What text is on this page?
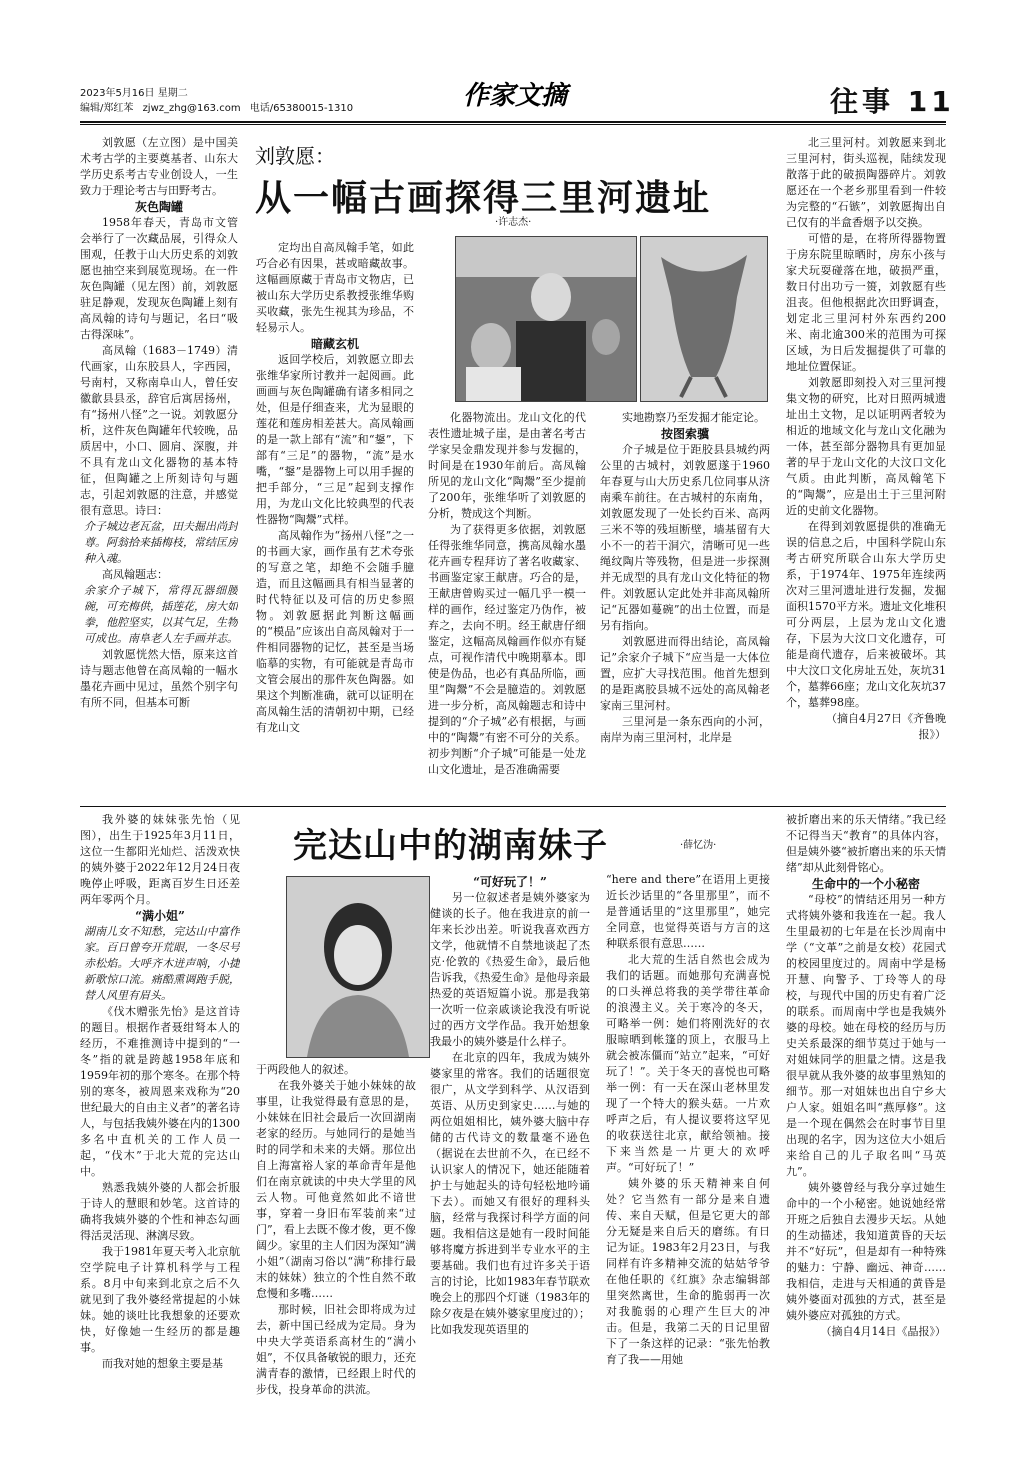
2023年5月16日 星期二
编辑/郑红苯 zjwz_zhg@163.com 电话/65380015-1310	作家文摘	往事 11
刘敦愿：
从一幅古画探得三里河遗址
·许志杰·

刘敦愿（左立图）是中国美术考古学的主要奠基者、山东大学历史系考古专业创设人，一生致力于理论考古与田野考古。

灰色陶罐

1958年春天，青岛市文管会举行了一次藏品展，引得众人围观，任教于山大历史系的刘敦愿也抽空来到展览现场。在一件灰色陶罐（见左图）前，刘敦愿驻足静观，发现灰色陶罐上刻有高凤翰的诗句与题记，名曰“吸古得深味”。

高凤翰（1683－1749）清代画家，山东胶县人，字西园，号南村，又称南阜山人，曾任安徽歙县县丞，辞官后寓居扬州，有“扬州八怪”之一说。刘敦愿分析，这件灰色陶罐年代较晚，品质居中，小口、圆肩、深腹，并不具有龙山文化器物的基本特征，但陶罐之上所刻诗句与题志，引起刘敦愿的注意，并感觉很有意思。诗曰：

介子城边老瓦盆，田夫掘出尚封尊。阿翁拾来插梅枝，常结匡房种入魂。

高凤翰题志：

余家介子城下，常得瓦器细腰碗，可充梅供，插莲花，房大如拳，他腔坚实，以其气足，生物可成也。南阜老人左手画并志。

刘敦愿恍然大悟，原来这首诗与题志他曾在高凤翰的一幅水墨花卉画中见过，虽然个别字句有所不同，但基本可断

定均出自高凤翰手笔，如此巧合必有因果，甚或暗藏故事。这幅画原藏于青岛市文物店，已被山东大学历史系教授张维华购买收藏，张先生视其为珍品，不轻易示人。

暗藏玄机

返回学校后，刘敦愿立即去张维华家所讨教并一起阅画。此画画与灰色陶罐确有诸多相同之处，但是仔细查来，尤为显眼的莲花和莲房相差甚大。高凤翰画的是一款上部有“流”和“鋬”，下部有“三足”的器物，“流”是水嘴，“鋬”是器物上可以用手握的把手部分，“三足”起到支撑作用，为龙山文化比较典型的代表性器物“陶鬶”式样。

高凤翰作为“扬州八怪”之一的书画大家，画作虽有艺术夸张的写意之笔，却绝不会随手臆造，而且这幅画具有相当显著的时代特征以及可信的历史参照物。刘敦愿据此判断这幅画的“模品”应该出自高凤翰对于一件相同器物的记忆，甚至是当场临摹的实物，有可能就是青岛市文管会展出的那件灰色陶器。如果这个判断准确，就可以证明在高凤翰生活的清朝初中期，已经有龙山文

化器物流出。龙山文化的代表性遗址城子崖，是由著名考古学家吴金鼎发现并参与发掘的，时间是在1930年前后。高凤翰所见的龙山文化“陶鬶”至少提前了200年，张维华听了刘敦愿的分析，赞成这个判断。

为了获得更多依据，刘敦愿任得张维华同意，携高凤翰水墨花卉画专程拜访了著名收藏家、书画鉴定家王献唐。巧合的是，王献唐曾购买过一幅几乎一模一样的画作，经过鉴定乃伪作，被弃之，去向不明。经王献唐仔细鉴定，这幅高凤翰画作似亦有疑点，可视作清代中晚期摹本。即使是伪品，也必有真品所临，画里“陶鬶”不会是臆造的。刘敦愿进一步分析，高凤翰题志和诗中提到的“介子城”必有根据，与画中的“陶鬶”有密不可分的关系。初步判断“介子城”可能是一处龙山文化遗址，是否准确需要

实地勘察乃至发掘才能定论。

按图索骥

介子城是位于距胶县县城约两公里的古城村，刘敦愿遂于1960年春夏与山大历史系几位同事从济南乘车前往。在古城村的东南角，刘敦愿发现了一处长约百米、高两三米不等的残垣断壁，墙基留有大小不一的若干洞穴，清晰可见一些绳纹陶片等残物，但是进一步探测并无成型的具有龙山文化特征的物件。刘敦愿认定此处并非高凤翰所记“瓦器如蔓碗”的出土位置，而是另有指向。

刘敦愿进而得出结论，高凤翰记”余家介子城下“应当是一大体位置，应扩大寻找范围。他首先想到的是距离胶县城不远处的高凤翰老家南三里河村。

三里河是一条东西向的小河，南岸为南三里河村，北岸是

北三里河村。刘敦愿来到北三里河村，街头巡视，陆续发现散落于此的破损陶器碎片。刘敦愿还在一个老乡那里看到一件较为完整的“石镞”，刘敦愿掏出自己仅有的半盒香烟予以交换。

可惜的是，在将所得器物置于房东院里晾晒时，房东小孩与家犬玩耍碰落在地，破损严重，数日付出功亏一篑，刘敦愿有些沮丧。但他根据此次田野调查，划定北三里河村外东西约200米、南北逾300米的范围为可探区域，为日后发掘提供了可靠的地址位置保证。

刘敦愿即刻投入对三里河搜集文物的研究，比对日照两城遗址出土文物，足以证明两者较为相近的地域文化与龙山文化融为一体，甚至部分器物具有更加显著的早于龙山文化的大汶口文化气质。由此判断，高凤翰笔下的“陶鬶”，应是出土于三里河附近的史前文化器物。

在得到刘敦愿提供的准确无误的信息之后，中国科学院山东考古研究所联合山东大学历史系，于1974年、1975年连续两次对三里河遗址进行发掘，发掘面积1570平方米。遗址文化堆积可分两层，上层为龙山文化遗存，下层为大汶口文化遗存，可能是商代遗存，后来被破坏。其中大汶口文化房址五处，灰坑31个，墓葬66座；龙山文化灰坑37个，墓葬98座。

（摘自4月27日《齐鲁晚报》）

完达山中的湖南妹子	·薛忆沩·

我外婆的妹妹张先怡（见图），出生于1925年3月11日，这位一生都阳光灿烂、活泼欢快的姨外婆于2022年12月24日夜晚停止呼吸，距离百岁生日还差两年零两个月。

“满小姐”

湖南儿女不知愁，完达山中富作家。百日曾夸开荒眼，一冬尽号赤松焰。大呼齐木迸声响，小捷新歌惊口流。痛酷熏调跑手脱，替人风里有眉头。

《伐木赠张先怡》是这首诗的题目。根据作者聂绀弩本人的经历，不难推测诗中提到的“一冬”指的就是跨越1958年底和1959年初的那个寒冬。在那个特别的寒冬，被周恩来戏称为“20世纪最大的自由主义者”的著名诗人，与包括我姨外婆在内的1300多名中直机关的工作人员一起，“伐木”于北大荒的完达山中。

熟悉我姨外婆的人都会折服于诗人的慧眼和妙笔。这首诗的确将我姨外婆的个性和神态勾画得活灵活现、淋漓尽致。

我于1981年夏天考入北京航空学院电子计算机科学与工程系。8月中旬来到北京之后不久就见到了我外婆经常提起的小妹妹。她的谈吐比我想象的还要欢快，好像她一生经历的都是趣事。

而我对她的想象主要是基

于两段他人的叙述。

在我外婆关于她小妹妹的故事里，让我觉得最有意思的是，小妹妹在旧社会最后一次回湖南老家的经历。与她同行的是她当时的同学和未来的夫婿。那位出自上海富裕人家的革命青年是他们在南京就读的中央大学里的风云人物。可他竟然如此不谙世事，穿着一身旧布军装前来“过门”，看上去既不像才俊，更不像阔少。家里的主人们因为深知“满小姐”（湖南习俗以“满”称排行最末的妹妹）独立的个性自然不敢怠慢和多嘴……

那时候，旧社会即将成为过去，新中国已经成为定局。身为中央大学英语系高材生的“满小姐”，不仅具备敏锐的眼力，还充满青春的激情，已经跟上时代的步伐，投身革命的洪流。

“可好玩了！”

另一位叙述者是姨外婆家为健谈的长子。他在我进京的前一年来长沙出差。听说我喜欢西方文学，他就情不自禁地谈起了杰克·伦敦的《热爱生命》，最后他告诉我，《热爱生命》是他母亲最热爱的英语短篇小说。那是我第一次听一位亲戚谈论我没有听说过的西方文学作品。我开始想象我最小的姨外婆是什么样子。

在北京的四年，我成为姨外婆家里的常客。我们的话题很宽很广，从文学到科学、从汉语到英语、从历史到家史……与她的两位姐姐相比，姨外婆大脑中存储的古代诗文的数量毫不逊色（据说在去世前不久，在已经不认识家人的情况下，她还能随着护士与她起头的诗句轻松地吟诵下去）。而她又有很好的理科头脑，经常与我探讨科学方面的问题。我相信这是她有一段时间能够将魔方拆进到半专业水平的主要基础。我们也有过许多关于语言的讨论，比如1983年春节联欢晚会上的那四个灯谜（1983年的除夕夜是在姨外婆家里度过的）；比如我发现英语里的

“here and there”在语用上更接近长沙话里的“各里那里”，而不是普通话里的“这里那里”，她完全同意，也觉得英语与方言的这种联系很有意思……

北大荒的生活自然也会成为我们的话题。而她那句充满喜悦的口头禅总将我的美学带往革命的浪漫主义。关于寒冷的冬天，可略举一例：她们将刚洗好的衣服晾晒到帐篷的顶上，衣服马上就会被冻僵而“站立”起来，“可好玩了！”。关于冬天的喜悦也可略举一例：有一天在深山老林里发现了一个特大的猴头菇。一片欢呼声之后，有人提议要将这罕见的收获送往北京，献给领袖。接下来当然是一片更大的欢呼声。“可好玩了！”

姨外婆的乐天精神来自何处？它当然有一部分是来自遗传、来自天赋，但是它更大的部分无疑是来自后天的磨练。有日记为证。1983年2月23日，与我同样有许多精神交流的姑姑爷爷在他任职的《红旗》杂志编辑部里突然离世，生命的脆弱再一次对我脆弱的心理产生巨大的冲击。但是，我第二天的日记里留下了一条这样的记录：“张先怡教育了我——用她

被折磨出来的乐天情绪。”我已经不记得当天“教育”的具体内容，但是姨外婆“被折磨出来的乐天情绪”却从此刻骨铭心。

生命中的一个小秘密

“母校”的情结还用另一种方式将姨外婆和我连在一起。我人生里最初的七年是在长沙周南中学（“文革”之前是女校）花园式的校园里度过的。周南中学是杨开慧、向警予、丁玲等人的母校，与现代中国的历史有着广泛的联系。而周南中学也是我姨外婆的母校。她在母校的经历与历史关系最深的细节莫过于她与一对姐妹同学的胆量之情。这是我很早就从我外婆的故事里熟知的细节。那一对姐妹也出自宁乡大户人家。姐姐名叫“燕厚修”。这是一个现在偶然会在时事节目里出现的名字，因为这位大小姐后来给自己的儿子取名叫“马英九”。

姨外婆曾经与我分享过她生命中的一个小秘密。她说她经常开班之后独自去漫步天坛。从她的生动描述，我知道黄昏的天坛并不“好玩”，但是却有一种特殊的魅力：宁静、幽远、神奇……我相信，走进与天相通的黄昏是姨外婆面对孤独的方式，甚至是姨外婆应对孤独的方式。

（摘自4月14日《晶报》）
